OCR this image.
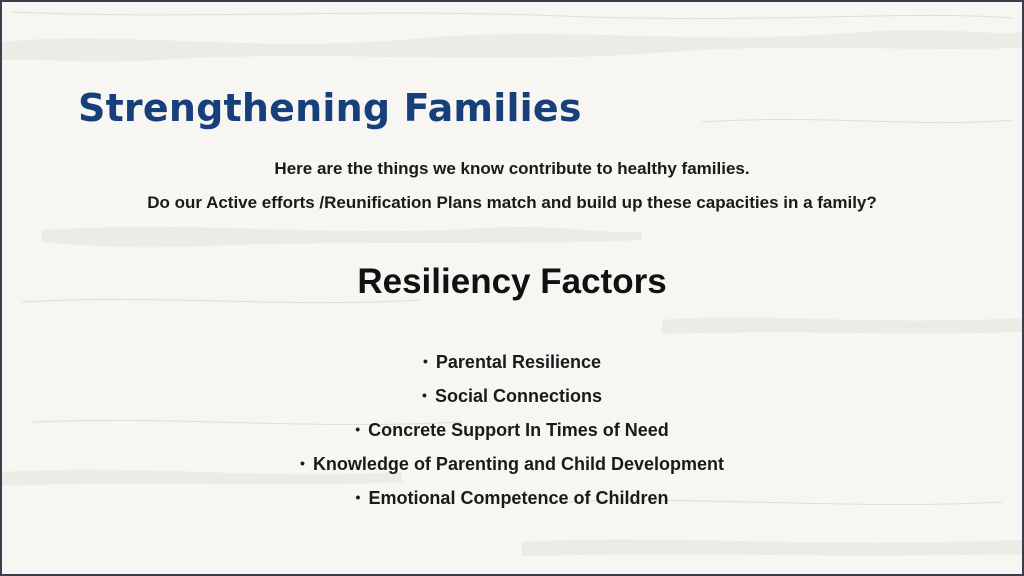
Strengthening Families
Here are the things we know contribute to healthy families.
Do our Active efforts /Reunification Plans match and build up these capacities in a family?
Resiliency Factors
• Parental Resilience
• Social Connections
• Concrete Support In Times of Need
• Knowledge of Parenting and Child Development
• Emotional Competence of Children
